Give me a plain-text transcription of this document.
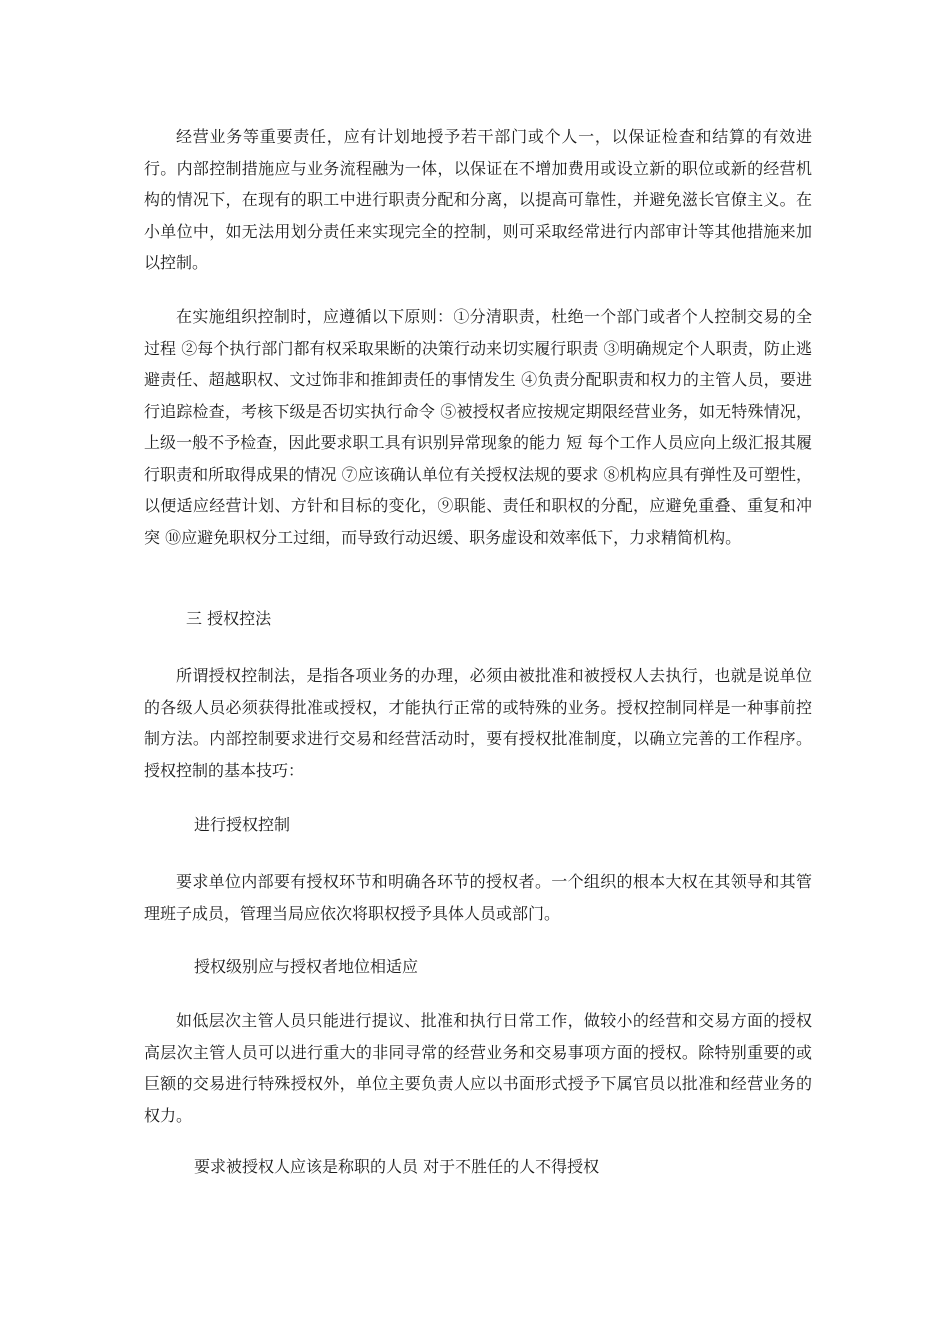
经营业务等重要责任，应有计划地授予若干部门或个人一，以保证检查和结算的有效进行。内部控制措施应与业务流程融为一体，以保证在不增加费用或设立新的职位或新的经营机构的情况下，在现有的职工中进行职责分配和分离，以提高可靠性，并避免滋长官僚主义。在小单位中，如无法用划分责任来实现完全的控制，则可采取经常进行内部审计等其他措施来加以控制。

在实施组织控制时，应遵循以下原则：①分清职责，杜绝一个部门或者个人控制交易的全过程 ②每个执行部门都有权采取果断的决策行动来切实履行职责 ③明确规定个人职责，防止逃避责任、超越职权、文过饰非和推卸责任的事情发生 ④负责分配职责和权力的主管人员，要进行追踪检查，考核下级是否切实执行命令 ⑤被授权者应按规定期限经营业务，如无特殊情况，上级一般不予检查，因此要求职工具有识别异常现象的能力 短 每个工作人员应向上级汇报其履行职责和所取得成果的情况 ⑦应该确认单位有关授权法规的要求 ⑧机构应具有弹性及可塑性，以便适应经营计划、方针和目标的变化，⑨职能、责任和职权的分配，应避免重叠、重复和冲突 ⑩应避免职权分工过细，而导致行动迟缓、职务虚设和效率低下，力求精简机构。

三 授权控法

所谓授权控制法，是指各项业务的办理，必须由被批准和被授权人去执行，也就是说单位的各级人员必须获得批准或授权，才能执行正常的或特殊的业务。授权控制同样是一种事前控制方法。内部控制要求进行交易和经营活动时，要有授权批准制度，以确立完善的工作程序。授权控制的基本技巧：

进行授权控制

要求单位内部要有授权环节和明确各环节的授权者。一个组织的根本大权在其领导和其管理班子成员，管理当局应依次将职权授予具体人员或部门。

授权级别应与授权者地位相适应

如低层次主管人员只能进行提议、批准和执行日常工作，做较小的经营和交易方面的授权 高层次主管人员可以进行重大的非同寻常的经营业务和交易事项方面的授权。除特别重要的或巨额的交易进行特殊授权外，单位主要负责人应以书面形式授予下属官员以批准和经营业务的权力。

要求被授权人应该是称职的人员 对于不胜任的人不得授权
